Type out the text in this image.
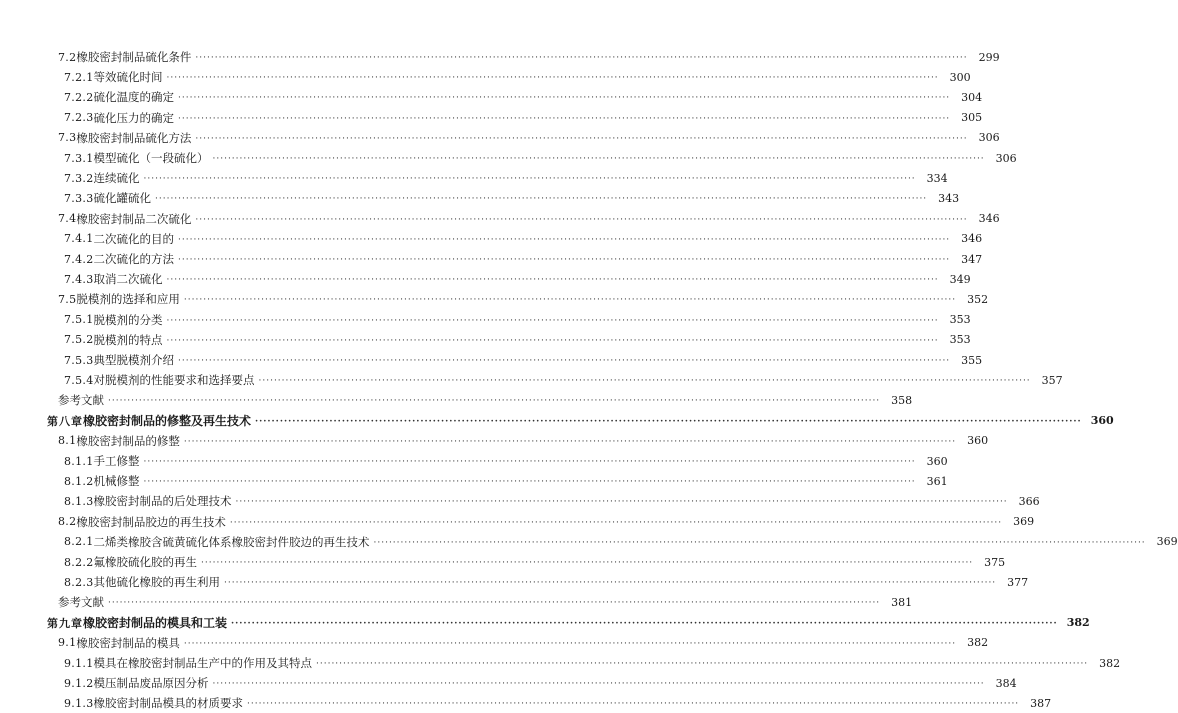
7.2 橡胶密封制品硫化条件 ········································································································································································································	299
7.2.1 等效硫化时间 ········································································································································································································	300
7.2.2 硫化温度的确定 ········································································································································································································	304
7.2.3 硫化压力的确定 ········································································································································································································	305
7.3 橡胶密封制品硫化方法 ········································································································································································································	306
7.3.1 模型硫化（一段硫化） ········································································································································································································	306
7.3.2 连续硫化 ········································································································································································································	334
7.3.3 硫化罐硫化 ········································································································································································································	343
7.4 橡胶密封制品二次硫化 ········································································································································································································	346
7.4.1 二次硫化的目的 ········································································································································································································	346
7.4.2 二次硫化的方法 ········································································································································································································	347
7.4.3 取消二次硫化 ········································································································································································································	349
7.5 脱模剂的选择和应用 ········································································································································································································	352
7.5.1 脱模剂的分类 ········································································································································································································	353
7.5.2 脱模剂的特点 ········································································································································································································	353
7.5.3 典型脱模剂介绍 ········································································································································································································	355
7.5.4 对脱模剂的性能要求和选择要点 ········································································································································································································	357
参考文献 ········································································································································································································	358
第八章 橡胶密封制品的修整及再生技术 ········································································································································································································ 360
8.1 橡胶密封制品的修整 ········································································································································································································	360
8.1.1 手工修整 ········································································································································································································	360
8.1.2 机械修整 ········································································································································································································	361
8.1.3 橡胶密封制品的后处理技术 ········································································································································································································	366
8.2 橡胶密封制品胶边的再生技术 ········································································································································································································	369
8.2.1 二烯类橡胶含硫黄硫化体系橡胶密封件胶边的再生技术 ········································································································································································································	369
8.2.2 氟橡胶硫化胶的再生 ········································································································································································································	375
8.2.3 其他硫化橡胶的再生利用 ········································································································································································································	377
参考文献 ········································································································································································································	381
第九章 橡胶密封制品的模具和工装 ········································································································································································································ 382
9.1 橡胶密封制品的模具 ········································································································································································································	382
9.1.1 模具在橡胶密封制品生产中的作用及其特点 ········································································································································································································	382
9.1.2 模压制品废品原因分析 ········································································································································································································	384
9.1.3 橡胶密封制品模具的材质要求 ········································································································································································································	387
